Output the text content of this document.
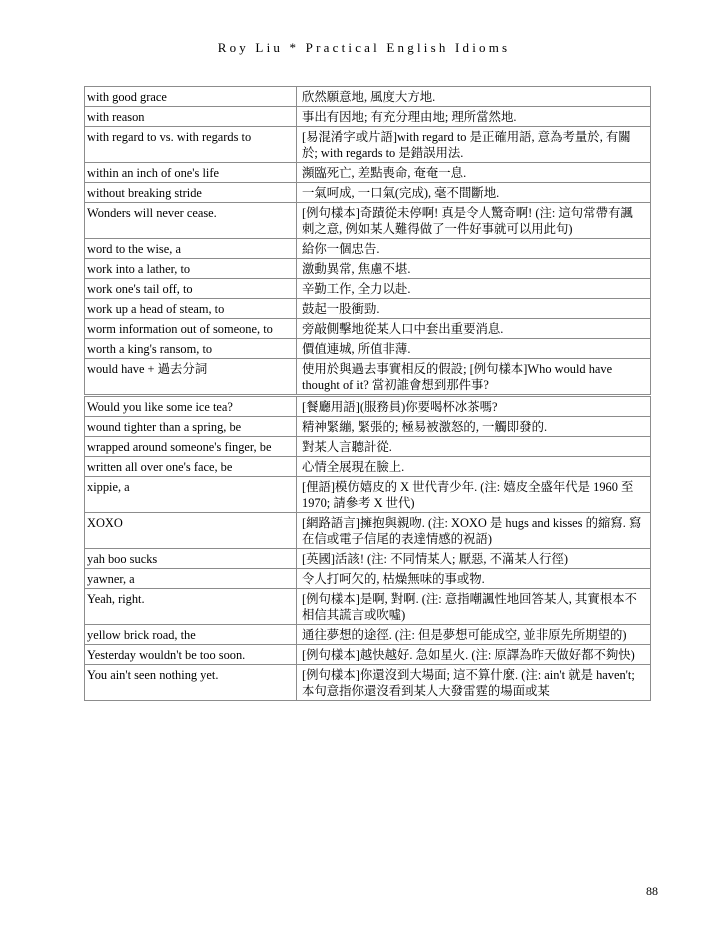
Roy Liu * Practical English Idioms
with good grace	欣然願意地, 風度大方地.
with reason	事出有因地; 有充分理由地; 理所當然地.
with regard to vs. with regards to	[易混淆字或片語]with regard to 是正確用語, 意為考量於, 有關於; with regards to 是錯誤用法.
within an inch of one's life	瀕臨死亡, 差點喪命, 奄奄一息.
without breaking stride	一氣呵成, 一口氣(完成), 毫不間斷地.
Wonders will never cease.	[例句樣本]奇蹟從未停啊! 真是令人驚奇啊! (注: 這句常帶有諷刺之意, 例如某人難得做了一件好事就可以用此句)
word to the wise, a	給你一個忠告.
work into a lather, to	激動異常, 焦慮不堪.
work one's tail off, to	辛勤工作, 全力以赴.
work up a head of steam, to	鼓起一股衝勁.
worm information out of someone, to	旁敲側擊地從某人口中套出重要消息.
worth a king's ransom, to	價值連城, 所值非薄.
would have + 過去分詞	使用於與過去事實相反的假設; [例句樣本]Who would have thought of it? 當初誰會想到那件事?
Would you like some ice tea?	[餐廳用語](服務員)你要喝杯冰茶嗎?
wound tighter than a spring, be	精神緊繃, 緊張的; 極易被激怒的, 一觸即發的.
wrapped around someone's finger, be	對某人言聽計從.
written all over one's face, be	心情全展現在臉上.
xippie, a	[俚語]模仿嬉皮的 X 世代青少年. (注: 嬉皮全盛年代是 1960 至 1970; 請參考 X 世代)
XOXO	[網路語言]擁抱與親吻. (注: XOXO 是 hugs and kisses 的縮寫. 寫在信或電子信尾的表達情感的祝語)
yah boo sucks	[英國]活該! (注: 不同情某人; 厭惡, 不滿某人行徑)
yawner, a	令人打呵欠的, 枯燥無味的事或物.
Yeah, right.	[例句樣本]是啊, 對啊. (注: 意指嘲諷性地回答某人, 其實根本不相信其謊言或吹噓)
yellow brick road, the	通往夢想的途徑. (注: 但是夢想可能成空, 並非原先所期望的)
Yesterday wouldn't be too soon.	[例句樣本]越快越好. 急如星火. (注: 原譯為昨天做好都不夠快)
You ain't seen nothing yet.	[例句樣本]你還沒到大場面; 這不算什麼. (注: ain't 就是 haven't; 本句意指你還沒看到某人大發雷霆的場面或某
88
